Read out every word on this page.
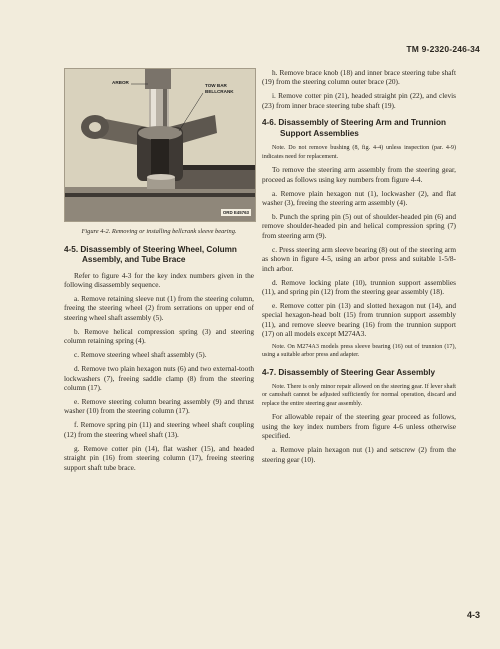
TM 9-2320-246-34
ARBOR
TOW BAR
BELLCRANK
ORD E45763
Figure 4-2. Removing or installing bellcrank sleeve bearing.
4-5. Disassembly of Steering Wheel, Column Assembly, and Tube Brace

Refer to figure 4-3 for the key index numbers given in the following disassembly sequence.

a. Remove retaining sleeve nut (1) from the steering column, freeing the steering wheel (2) from serrations on upper end of steering wheel shaft assembly (5).

b. Remove helical compression spring (3) and steering column retaining spring (4).

c. Remove steering wheel shaft assembly (5).

d. Remove two plain hexagon nuts (6) and two external-tooth lockwashers (7), freeing saddle clamp (8) from the steering column (17).

e. Remove steering column bearing assembly (9) and thrust washer (10) from the steering column (17).

f. Remove spring pin (11) and steering wheel shaft coupling (12) from the steering wheel shaft (13).

g. Remove cotter pin (14), flat washer (15), and headed straight pin (16) from steering column (17), freeing steering support shaft tube brace.

h. Remove brace knob (18) and inner brace steering tube shaft (19) from the steering column outer brace (20).

i. Remove cotter pin (21), headed straight pin (22), and clevis (23) from inner brace steering tube shaft (19).

4-6. Disassembly of Steering Arm and Trunnion Support Assemblies

Note. Do not remove bushing (8, fig. 4-4) unless inspection (par. 4-9) indicates need for replacement.

To remove the steering arm assembly from the steering gear, proceed as follows using key numbers from figure 4-4.

a. Remove plain hexagon nut (1), lockwasher (2), and flat washer (3), freeing the steering arm assembly (4).

b. Punch the spring pin (5) out of shoulder-headed pin (6) and remove shoulder-headed pin and helical compression spring (7) from steering arm (9).

c. Press steering arm sleeve bearing (8) out of the steering arm as shown in figure 4-5, using an arbor press and suitable 1-5/8-inch arbor.

d. Remove locking plate (10), trunnion support assemblies (11), and spring pin (12) from the steering gear assembly (18).

e. Remove cotter pin (13) and slotted hexagon nut (14), and special hexagon-head bolt (15) from trunnion support assembly (11), and remove sleeve bearing (16) from the trunnion support (17) on all models except M274A3.

Note. On M274A3 models press sleeve bearing (16) out of trunnion (17), using a suitable arbor press and adapter.

4-7. Disassembly of Steering Gear Assembly

Note. There is only minor repair allowed on the steering gear. If lever shaft or camshaft cannot be adjusted sufficiently for normal operation, discard and replace the entire steering gear assembly.

For allowable repair of the steering gear proceed as follows, using the key index numbers from figure 4-6 unless otherwise specified.

a. Remove plain hexagon nut (1) and setscrew (2) from the steering gear (10).

4-3
